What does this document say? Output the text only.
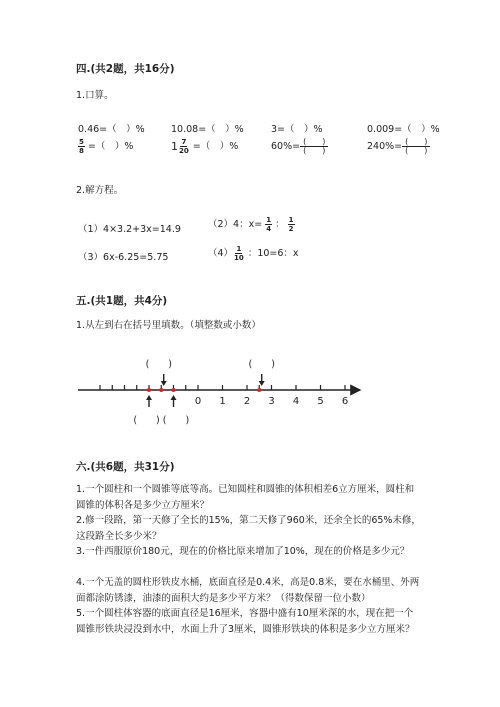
四.(共2题，共16分)
1.口算。
0.46=（　）%	10.08=（　）%	3=（　）%	0.009=（　）%
$\frac{5}{8}$ =（　）%	$1 \frac{7}{20}$ =（　）%	$60\%= \frac{( )}{( )}$	$240\%= \frac{( )}{( )}$
2.解方程。
（1）4×3.2+3x=14.9	（2）4：$x= \frac{1}{4}$ ： $\frac{1}{2}$
（3）6x-6.25=5.75	$(4) \frac{1}{10}$ ：10=6：x
五.(共1题，共4分)
1.从左到右在括号里填数。（填整数或小数）
0 1 2 3 4 5 6
(　　)	(　　)
(　　) (　　)
六.(共6题，共31分)
1.一个圆柱和一个圆锥等底等高。已知圆柱和圆锥的体积相差6立方厘米，圆柱和圆锥的体积各是多少立方厘米？
2.修一段路，第一天修了全长的15%，第二天修了960米，还余全长的65%未修，这段路全长多少米？
3.一件西服原价180元，现在的价格比原来增加了10%，现在的价格是多少元？
4.一个无盖的圆柱形铁皮水桶，底面直径是0.4米，高是0.8米，要在水桶里、外两面都涂防锈漆，油漆的面积大约是多少平方米？（得数保留一位小数）
5.一个圆柱体容器的底面直径是16厘米，容器中盛有10厘米深的水，现在把一个圆锥形铁块浸没到水中，水面上升了3厘米，圆锥形铁块的体积是多少立方厘米？
